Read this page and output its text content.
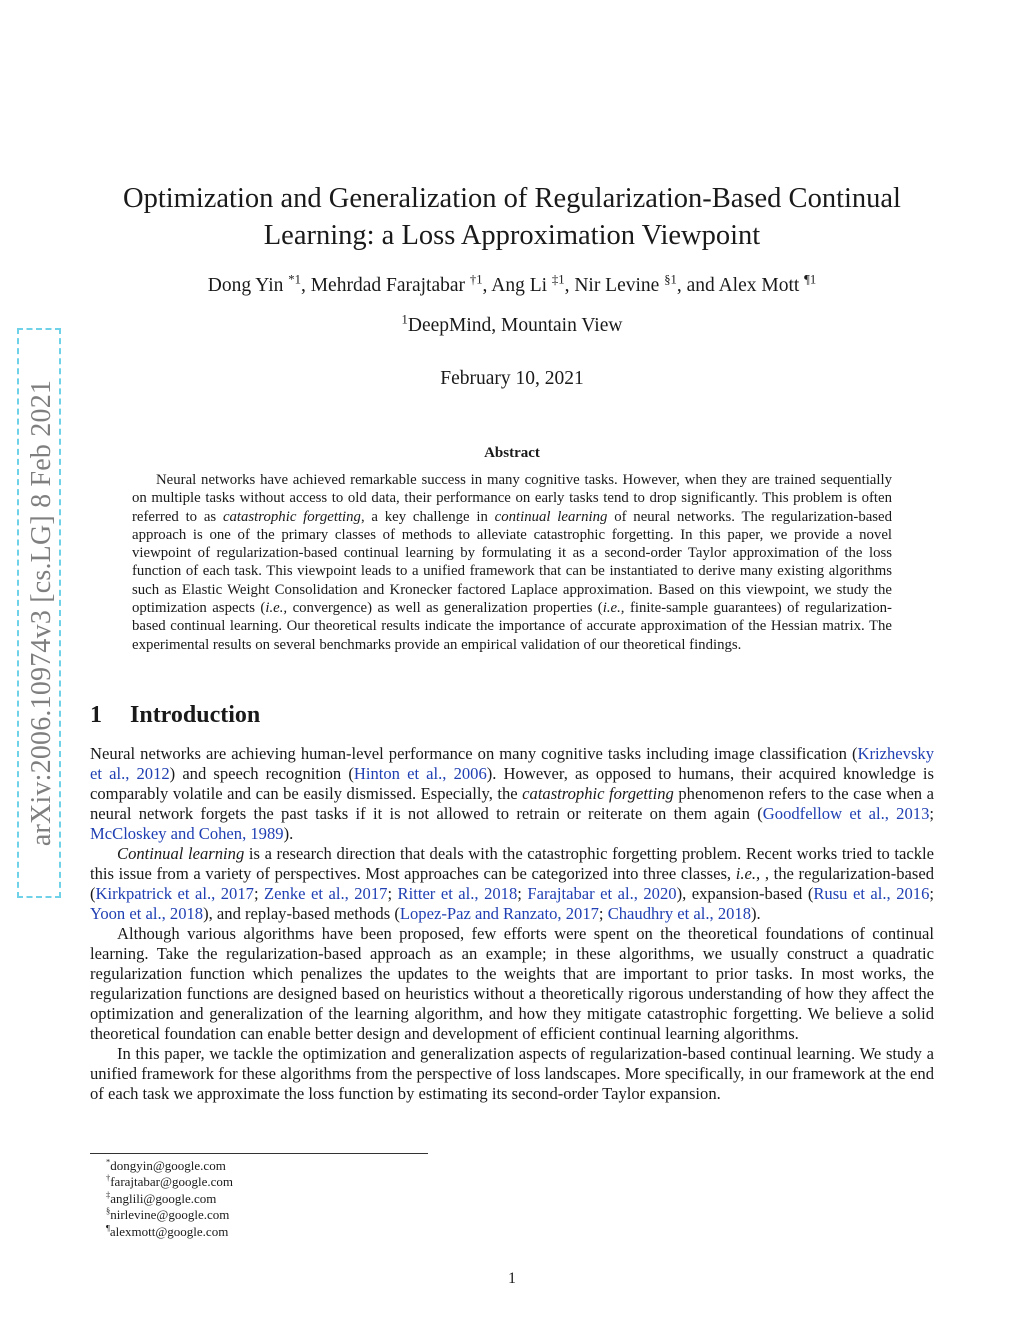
arXiv:2006.10974v3 [cs.LG] 8 Feb 2021
Optimization and Generalization of Regularization-Based Continual
Learning: a Loss Approximation Viewpoint
Dong Yin $^{*1}$, Mehrdad Farajtabar $^{\dagger 1}$, Ang Li $^{\ddagger 1}$, Nir Levine $^{\S 1}$, and Alex Mott $^{\P 1}$
$^1$DeepMind, Mountain View
February 10, 2021
Abstract
Neural networks have achieved remarkable success in many cognitive tasks. However, when they are trained sequentially on multiple tasks without access to old data, their performance on early tasks tend to drop significantly. This problem is often referred to as catastrophic forgetting, a key challenge in continual learning of neural networks. The regularization-based approach is one of the primary classes of methods to alleviate catastrophic forgetting. In this paper, we provide a novel viewpoint of regularization-based continual learning by formulating it as a second-order Taylor approximation of the loss function of each task. This viewpoint leads to a unified framework that can be instantiated to derive many existing algorithms such as Elastic Weight Consolidation and Kronecker factored Laplace approximation. Based on this viewpoint, we study the optimization aspects (i.e., convergence) as well as generalization properties (i.e., finite-sample guarantees) of regularization-based continual learning. Our theoretical results indicate the importance of accurate approximation of the Hessian matrix. The experimental results on several benchmarks provide an empirical validation of our theoretical findings.
1 Introduction

Neural networks are achieving human-level performance on many cognitive tasks including image classification (Krizhevsky et al., 2012) and speech recognition (Hinton et al., 2006). However, as opposed to humans, their acquired knowledge is comparably volatile and can be easily dismissed. Especially, the catastrophic forgetting phenomenon refers to the case when a neural network forgets the past tasks if it is not allowed to retrain or reiterate on them again (Goodfellow et al., 2013; McCloskey and Cohen, 1989).

Continual learning is a research direction that deals with the catastrophic forgetting problem. Recent works tried to tackle this issue from a variety of perspectives. Most approaches can be categorized into three classes, i.e., , the regularization-based (Kirkpatrick et al., 2017; Zenke et al., 2017; Ritter et al., 2018; Farajtabar et al., 2020), expansion-based (Rusu et al., 2016; Yoon et al., 2018), and replay-based methods (Lopez-Paz and Ranzato, 2017; Chaudhry et al., 2018).

Although various algorithms have been proposed, few efforts were spent on the theoretical foundations of continual learning. Take the regularization-based approach as an example; in these algorithms, we usually construct a quadratic regularization function which penalizes the updates to the weights that are important to prior tasks. In most works, the regularization functions are designed based on heuristics without a theoretically rigorous understanding of how they affect the optimization and generalization of the learning algorithm, and how they mitigate catastrophic forgetting. We believe a solid theoretical foundation can enable better design and development of efficient continual learning algorithms.

In this paper, we tackle the optimization and generalization aspects of regularization-based continual learning. We study a unified framework for these algorithms from the perspective of loss landscapes. More specifically, in our framework at the end of each task we approximate the loss function by estimating its second-order Taylor expansion.

*dongyin@google.com
†farajtabar@google.com
‡anglili@google.com
§nirlevine@google.com
¶alexmott@google.com
1
